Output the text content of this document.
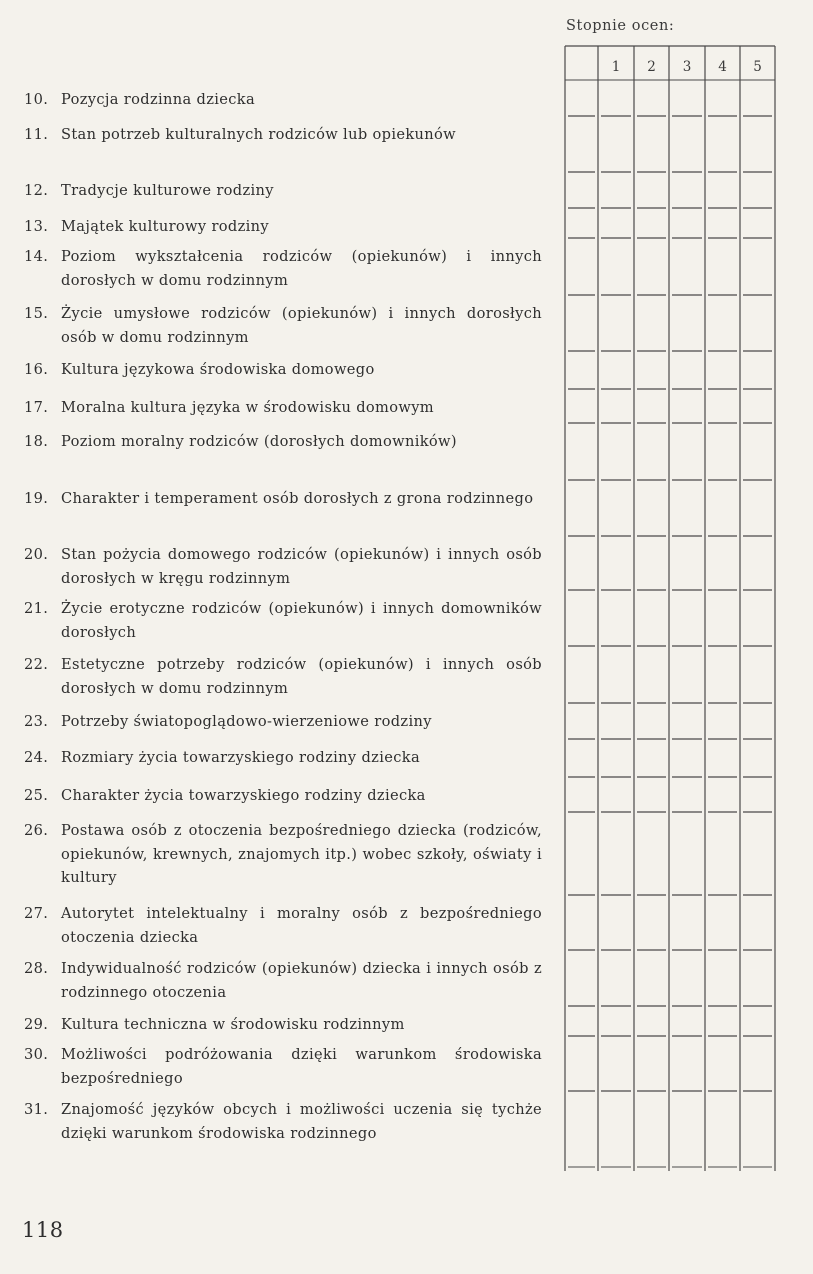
Stopnie ocen:
10. Pozycja rodzinna dziecka
11. Stan potrzeb kulturalnych rodziców lub opiekunów
12. Tradycje kulturowe rodziny
13. Majątek kulturowy rodziny
14. Poziom wykształcenia rodziców (opiekunów) i innych dorosłych w domu rodzinnym
15. Życie umysłowe rodziców (opiekunów) i innych dorosłych osób w domu rodzinnym
16. Kultura językowa środowiska domowego
17. Moralna kultura języka w środowisku domowym
18. Poziom moralny rodziców (dorosłych domowników)
19. Charakter i temperament osób dorosłych z grona rodzinnego
20. Stan pożycia domowego rodziców (opiekunów) i innych osób dorosłych w kręgu rodzinnym
21. Życie erotyczne rodziców (opiekunów) i innych domowników dorosłych
22. Estetyczne potrzeby rodziców (opiekunów) i innych osób dorosłych w domu rodzinnym
23. Potrzeby światopoglądowo-wierzeniowe rodziny
24. Rozmiary życia towarzyskiego rodziny dziecka
25. Charakter życia towarzyskiego rodziny dziecka
26. Postawa osób z otoczenia bezpośredniego dziecka (rodziców, opiekunów, krewnych, znajomych itp.) wobec szkoły, oświaty i kultury
27. Autorytet intelektualny i moralny osób z bezpośredniego otoczenia dziecka
28. Indywidualność rodziców (opiekunów) dziecka i innych osób z rodzinnego otoczenia
29. Kultura techniczna w środowisku rodzinnym
30. Możliwości podróżowania dzięki warunkom środowiska bezpośredniego
31. Znajomość języków obcych i możliwości uczenia się tychże dzięki warunkom środowiska rodzinnego
118
1	2	3	4	5
